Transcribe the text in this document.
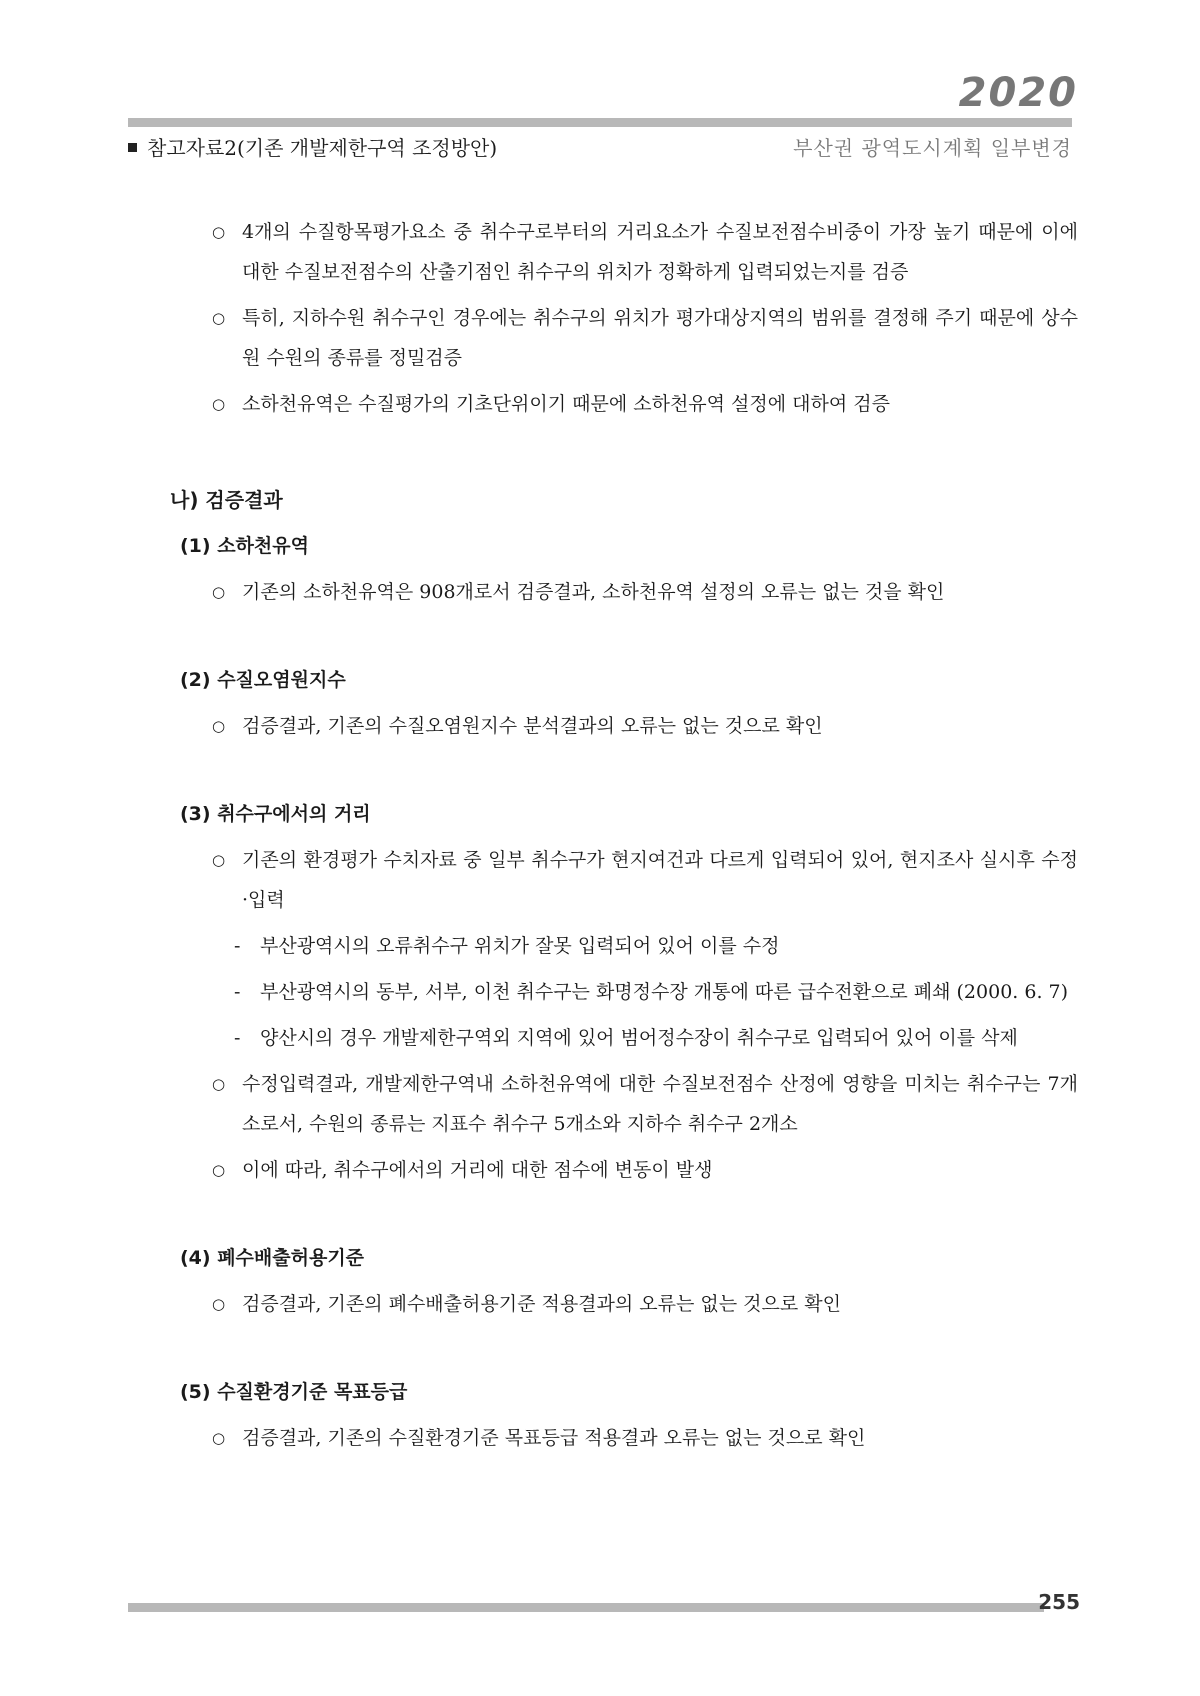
2020
참고자료2(기존 개발제한구역 조정방안)	부산권 광역도시계획 일부변경

○ 4개의 수질항목평가요소 중 취수구로부터의 거리요소가 수질보전점수비중이 가장 높기 때문에 이에 대한 수질보전점수의 산출기점인 취수구의 위치가 정확하게 입력되었는지를 검증

○ 특히, 지하수원 취수구인 경우에는 취수구의 위치가 평가대상지역의 범위를 결정해 주기 때문에 상수원 수원의 종류를 정밀검증

○ 소하천유역은 수질평가의 기초단위이기 때문에 소하천유역 설정에 대하여 검증

나) 검증결과

(1) 소하천유역

○ 기존의 소하천유역은 908개로서 검증결과, 소하천유역 설정의 오류는 없는 것을 확인

(2) 수질오염원지수

○ 검증결과, 기존의 수질오염원지수 분석결과의 오류는 없는 것으로 확인

(3) 취수구에서의 거리

○ 기존의 환경평가 수치자료 중 일부 취수구가 현지여건과 다르게 입력되어 있어, 현지조사 실시후 수정·입력

- 부산광역시의 오류취수구 위치가 잘못 입력되어 있어 이를 수정

- 부산광역시의 동부, 서부, 이천 취수구는 화명정수장 개통에 따른 급수전환으로 폐쇄 (2000. 6. 7)

- 양산시의 경우 개발제한구역외 지역에 있어 범어정수장이 취수구로 입력되어 있어 이를 삭제

○ 수정입력결과, 개발제한구역내 소하천유역에 대한 수질보전점수 산정에 영향을 미치는 취수구는 7개소로서, 수원의 종류는 지표수 취수구 5개소와 지하수 취수구 2개소

○ 이에 따라, 취수구에서의 거리에 대한 점수에 변동이 발생

(4) 폐수배출허용기준

○ 검증결과, 기존의 폐수배출허용기준 적용결과의 오류는 없는 것으로 확인

(5) 수질환경기준 목표등급

○ 검증결과, 기존의 수질환경기준 목표등급 적용결과 오류는 없는 것으로 확인

255
